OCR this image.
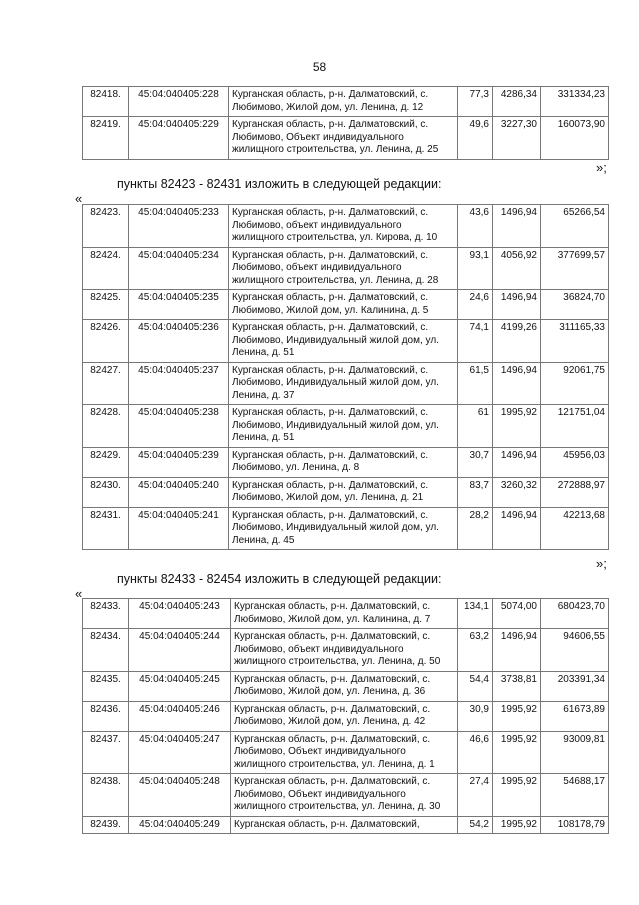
58
82418.	45:04:040405:228	Курганская область, р-н. Далматовский, с. Любимово, Жилой дом, ул. Ленина, д. 12	77,3	4286,34	331334,23
82419.	45:04:040405:229	Курганская область, р-н. Далматовский, с. Любимово, Объект индивидуального жилищного строительства, ул. Ленина, д. 25	49,6	3227,30	160073,90
»;
пункты 82423 - 82431 изложить в следующей редакции:
«
82423.	45:04:040405:233	Курганская область, р-н. Далматовский, с. Любимово, объект индивидуального жилищного строительства, ул. Кирова, д. 10	43,6	1496,94	65266,54
82424.	45:04:040405:234	Курганская область, р-н. Далматовский, с. Любимово, объект индивидуального жилищного строительства, ул. Ленина, д. 28	93,1	4056,92	377699,57
82425.	45:04:040405:235	Курганская область, р-н. Далматовский, с. Любимово, Жилой дом, ул. Калинина, д. 5	24,6	1496,94	36824,70
82426.	45:04:040405:236	Курганская область, р-н. Далматовский, с. Любимово, Индивидуальный жилой дом, ул. Ленина, д. 51	74,1	4199,26	311165,33
82427.	45:04:040405:237	Курганская область, р-н. Далматовский, с. Любимово, Индивидуальный жилой дом, ул. Ленина, д. 37	61,5	1496,94	92061,75
82428.	45:04:040405:238	Курганская область, р-н. Далматовский, с. Любимово, Индивидуальный жилой дом, ул. Ленина, д. 51	61	1995,92	121751,04
82429.	45:04:040405:239	Курганская область, р-н. Далматовский, с. Любимово, ул. Ленина, д. 8	30,7	1496,94	45956,03
82430.	45:04:040405:240	Курганская область, р-н. Далматовский, с. Любимово, Жилой дом, ул. Ленина, д. 21	83,7	3260,32	272888,97
82431.	45:04:040405:241	Курганская область, р-н. Далматовский, с. Любимово, Индивидуальный жилой дом, ул. Ленина, д. 45	28,2	1496,94	42213,68
»;
пункты 82433 - 82454 изложить в следующей редакции:
«
82433.	45:04:040405:243	Курганская область, р-н. Далматовский, с. Любимово, Жилой дом, ул. Калинина, д. 7	134,1	5074,00	680423,70
82434.	45:04:040405:244	Курганская область, р-н. Далматовский, с. Любимово, объект индивидуального жилищного строительства, ул. Ленина, д. 50	63,2	1496,94	94606,55
82435.	45:04:040405:245	Курганская область, р-н. Далматовский, с. Любимово, Жилой дом, ул. Ленина, д. 36	54,4	3738,81	203391,34
82436.	45:04:040405:246	Курганская область, р-н. Далматовский, с. Любимово, Жилой дом, ул. Ленина, д. 42	30,9	1995,92	61673,89
82437.	45:04:040405:247	Курганская область, р-н. Далматовский, с. Любимово, Объект индивидуального жилищного строительства, ул. Ленина, д. 1	46,6	1995,92	93009,81
82438.	45:04:040405:248	Курганская область, р-н. Далматовский, с. Любимово, Объект индивидуального жилищного строительства, ул. Ленина, д. 30	27,4	1995,92	54688,17
82439.	45:04:040405:249	Курганская область, р-н. Далматовский,	54,2	1995,92	108178,79
